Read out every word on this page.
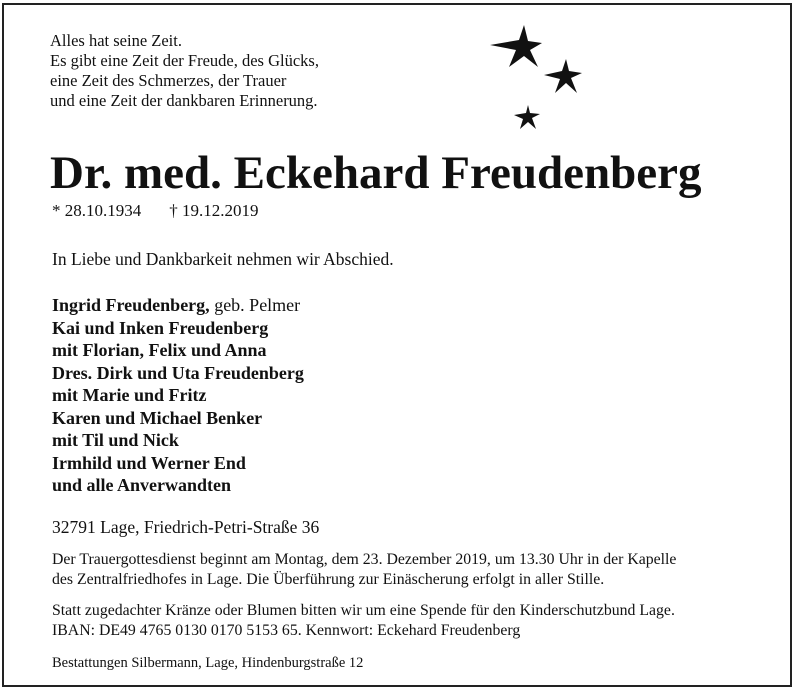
Alles hat seine Zeit.
Es gibt eine Zeit der Freude, des Glücks,
eine Zeit des Schmerzes, der Trauer
und eine Zeit der dankbaren Erinnerung.

Dr. med. Eckehard Freudenberg
* 28.10.1934 † 19.12.2019
In Liebe und Dankbarkeit nehmen wir Abschied.
Ingrid Freudenberg, geb. Pelmer
Kai und Inken Freudenberg
mit Florian, Felix und Anna
Dres. Dirk und Uta Freudenberg
mit Marie und Fritz
Karen und Michael Benker
mit Til und Nick
Irmhild und Werner End
und alle Anverwandten
32791 Lage, Friedrich-Petri-Straße 36

Der Trauergottesdienst beginnt am Montag, dem 23. Dezember 2019, um 13.30 Uhr in der Kapelle
des Zentralfriedhofes in Lage. Die Überführung zur Einäscherung erfolgt in aller Stille.

Statt zugedachter Kränze oder Blumen bitten wir um eine Spende für den Kinderschutzbund Lage.
IBAN: DE49 4765 0130 0170 5153 65. Kennwort: Eckehard Freudenberg

Bestattungen Silbermann, Lage, Hindenburgstraße 12
